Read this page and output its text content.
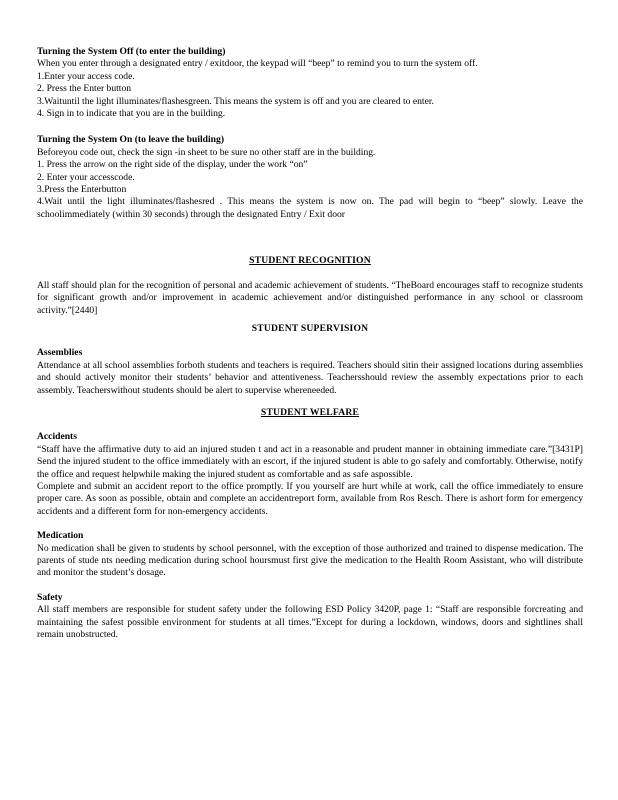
Turning the System Off (to enter the building)

When you enter through a designated entry / exitdoor, the keypad will “beep” to remind you to turn the system off.

1.Enter your access code.

2. Press the Enter button

3.Waituntil the light illuminates/flashesgreen. This means the system is off and you are cleared to enter.

4. Sign in to indicate that you are in the building.

Turning the System On (to leave the building)

Beforeyou code out, check the sign -in sheet to be sure no other staff are in the building.

1. Press the arrow on the right side of the display, under the work “on”

2. Enter your accesscode.

3.Press the Enterbutton

4.Wait until the light illuminates/flashesred . This means the system is now on. The pad will begin to “beep” slowly. Leave the schoolimmediately (within 30 seconds) through the designated Entry / Exit door

STUDENT RECOGNITION

All staff should plan for the recognition of personal and academic achievement of students. “TheBoard encourages staff to recognize students for significant growth and/or improvement in academic achievement and/or distinguished performance in any school or classroom activity.”[2440]

STUDENT SUPERVISION

Assemblies

Attendance at all school assemblies forboth students and teachers is required. Teachers should sitin their assigned locations during assemblies and should actively monitor their students’ behavior and attentiveness. Teachersshould review the assembly expectations prior to each assembly. Teacherswithout students should be alert to supervise whereneeded.

STUDENT WELFARE

Accidents

“Staff have the affirmative duty to aid an injured studen t and act in a reasonable and prudent manner in obtaining immediate care.”[3431P] Send the injured student to the office immediately with an escort, if the injured student is able to go safely and comfortably. Otherwise, notify the office and request helpwhile making the injured student as comfortable and as safe aspossible.

Complete and submit an accident report to the office promptly. If you yourself are hurt while at work, call the office immediately to ensure proper care. As soon as possible, obtain and complete an accidentreport form, available from Ros Resch. There is ashort form for emergency accidents and a different form for non-emergency accidents.

Medication

No medication shall be given to students by school personnel, with the exception of those authorized and trained to dispense medication. The parents of stude nts needing medication during school hoursmust first give the medication to the Health Room Assistant, who will distribute and monitor the student’s dosage.

Safety

All staff members are responsible for student safety under the following ESD Policy 3420P, page 1: “Staff are responsible forcreating and maintaining the safest possible environment for students at all times.”Except for during a lockdown, windows, doors and sightlines shall remain unobstructed.
